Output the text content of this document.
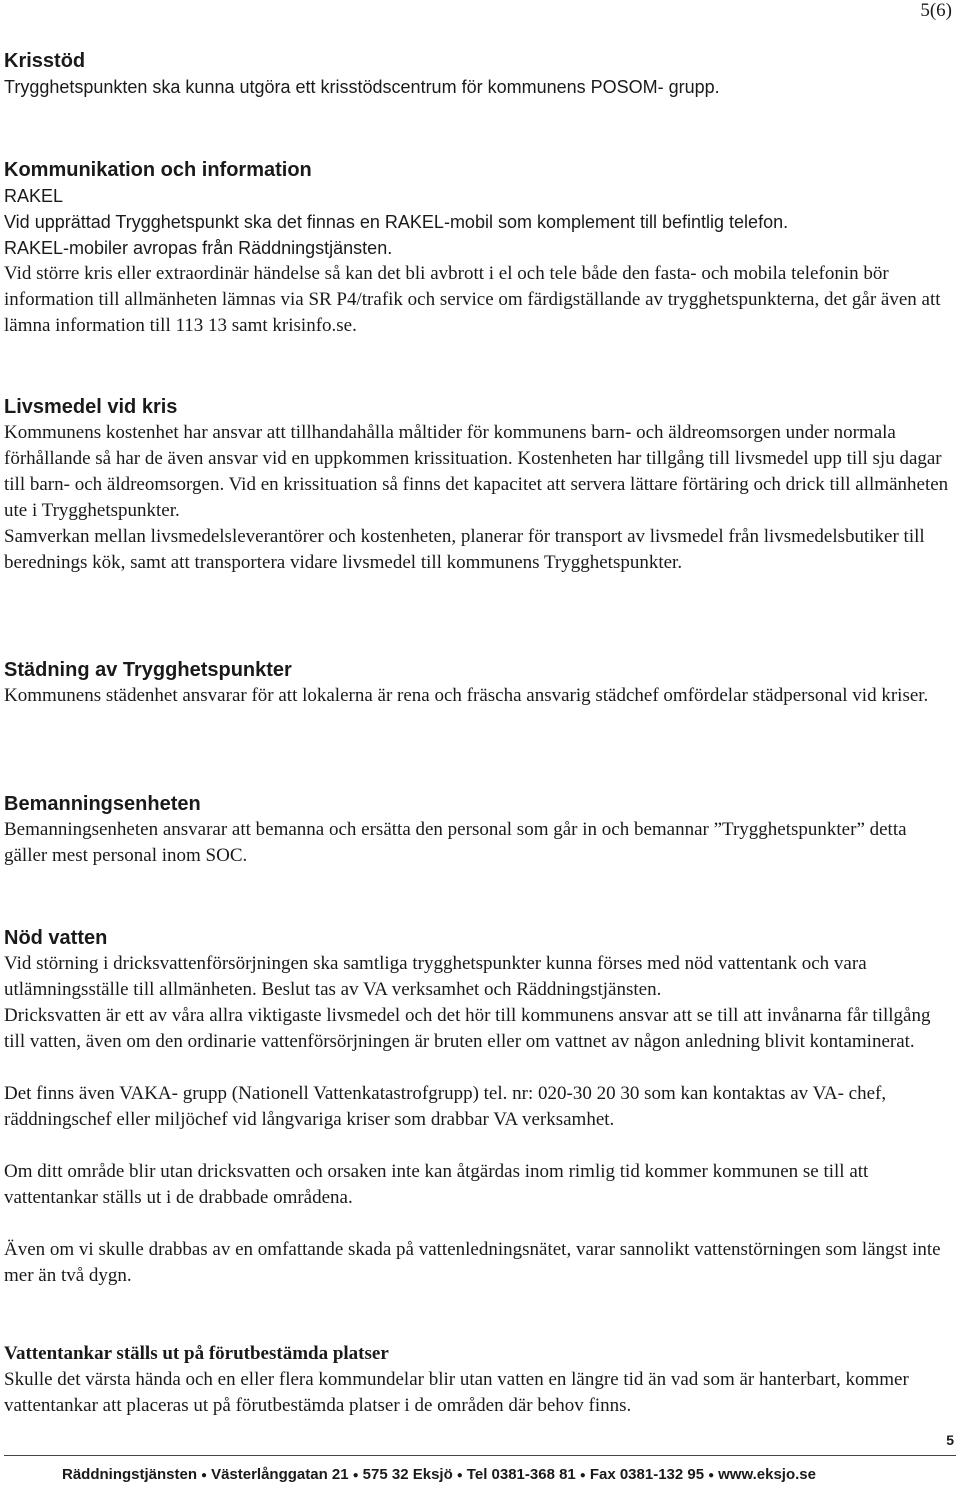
5(6)

Krisstöd

Trygghetspunkten ska kunna utgöra ett krisstödscentrum för kommunens POSOM- grupp.

Kommunikation och information

RAKEL

Vid upprättad Trygghetspunkt ska det finnas en RAKEL-mobil som komplement till befintlig telefon.

RAKEL-mobiler avropas från Räddningstjänsten.

Vid större kris eller extraordinär händelse så kan det bli avbrott i el och tele både den fasta- och mobila telefonin bör information till allmänheten lämnas via SR P4/trafik och service om färdigställande av trygghetspunkterna, det går även att lämna information till 113 13 samt krisinfo.se.

Livsmedel vid kris

Kommunens kostenhet har ansvar att tillhandahålla måltider för kommunens barn- och äldreomsorgen under normala förhållande så har de även ansvar vid en uppkommen krissituation. Kostenheten har tillgång till livsmedel upp till sju dagar till barn- och äldreomsorgen. Vid en krissituation så finns det kapacitet att servera lättare förtäring och drick till allmänheten ute i Trygghetspunkter.

Samverkan mellan livsmedelsleverantörer och kostenheten, planerar för transport av livsmedel från livsmedelsbutiker till berednings kök, samt att transportera vidare livsmedel till kommunens Trygghetspunkter.

Städning av Trygghetspunkter

Kommunens städenhet ansvarar för att lokalerna är rena och fräscha ansvarig städchef omfördelar städpersonal vid kriser.

Bemanningsenheten

Bemanningsenheten ansvarar att bemanna och ersätta den personal som går in och bemannar ”Trygghetspunkter” detta gäller mest personal inom SOC.

Nöd vatten

Vid störning i dricksvattenförsörjningen ska samtliga trygghetspunkter kunna förses med nöd vattentank och vara utlämningsställe till allmänheten. Beslut tas av VA verksamhet och Räddningstjänsten.

Dricksvatten är ett av våra allra viktigaste livsmedel och det hör till kommunens ansvar att se till att invånarna får tillgång till vatten, även om den ordinarie vattenförsörjningen är bruten eller om vattnet av någon anledning blivit kontaminerat.

Det finns även VAKA- grupp (Nationell Vattenkatastrofgrupp) tel. nr: 020-30 20 30 som kan kontaktas av VA- chef, räddningschef eller miljöchef vid långvariga kriser som drabbar VA verksamhet.

Om ditt område blir utan dricksvatten och orsaken inte kan åtgärdas inom rimlig tid kommer kommunen se till att vattentankar ställs ut i de drabbade områdena.

Även om vi skulle drabbas av en omfattande skada på vattenledningsnätet, varar sannolikt vattenstörningen som längst inte mer än två dygn.

Vattentankar ställs ut på förutbestämda platser

Skulle det värsta hända och en eller flera kommundelar blir utan vatten en längre tid än vad som är hanterbart, kommer vattentankar att placeras ut på förutbestämda platser i de områden där behov finns.

5
Räddningstjänsten ● Västerlånggatan 21 ● 575 32 Eksjö ● Tel 0381-368 81 ● Fax 0381-132 95 ● www.eksjo.se
